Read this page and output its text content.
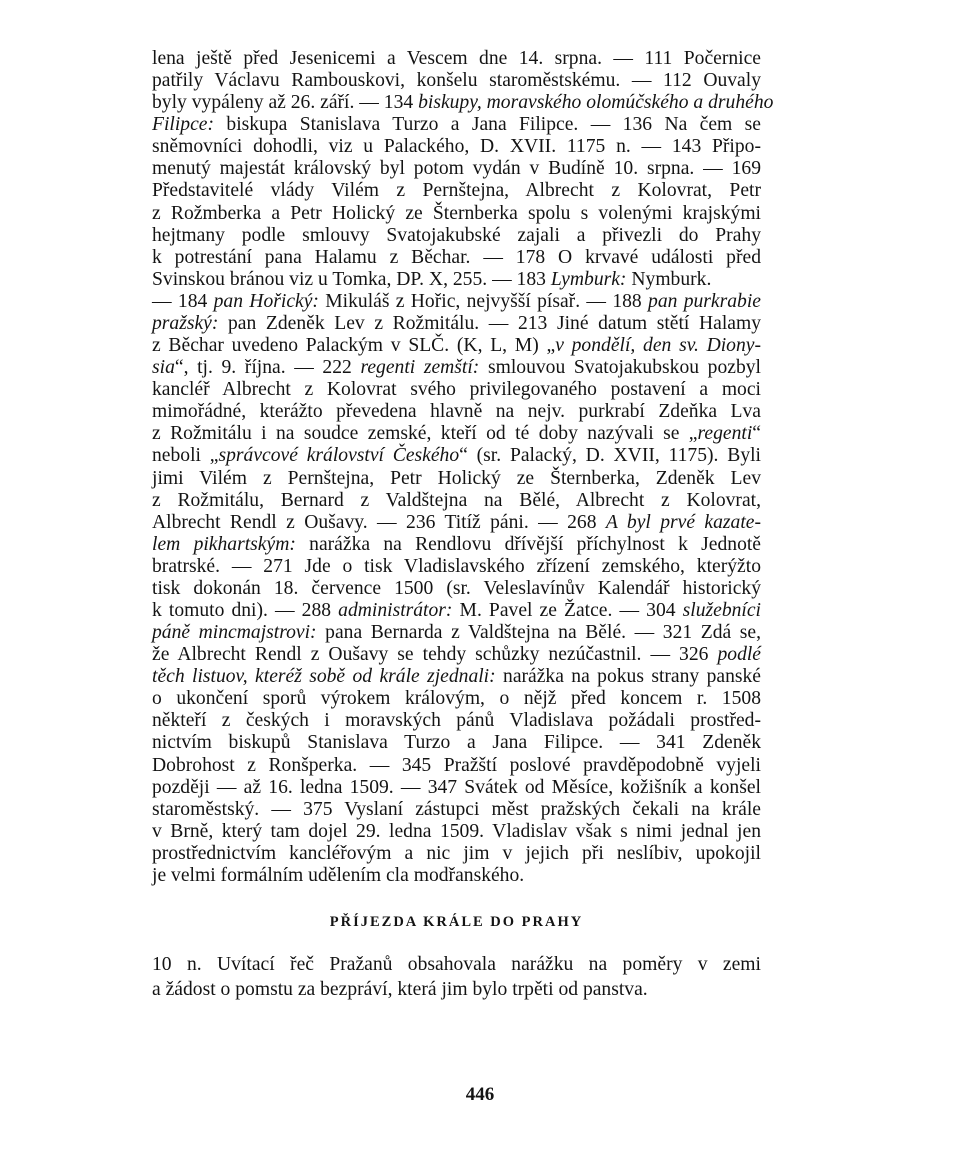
lena ještě před Jesenicemi a Vescem dne 14. srpna. — 111 Počernice

patřily Václavu Rambouskovi, konšelu staroměstskému. — 112 Ouvaly

byly vypáleny až 26. září. — 134 biskupy, moravského olomúčského a druhého

Filipce: biskupa Stanislava Turzo a Jana Filipce. — 136 Na čem se

sněmovníci dohodli, viz u Palackého, D. XVII. 1175 n. — 143 Připo-

menutý majestát královský byl potom vydán v Budíně 10. srpna. — 169

Představitelé vlády Vilém z Pernštejna, Albrecht z Kolovrat, Petr

z Rožmberka a Petr Holický ze Šternberka spolu s volenými krajskými

hejtmany podle smlouvy Svatojakubské zajali a přivezli do Prahy

k potrestání pana Halamu z Běchar. — 178 O krvavé události před

Svinskou bránou viz u Tomka, DP. X, 255. — 183 Lymburk: Nymburk.

— 184 pan Hořický: Mikuláš z Hořic, nejvyšší písař. — 188 pan purkrabie

pražský: pan Zdeněk Lev z Rožmitálu. — 213 Jiné datum stětí Halamy

z Běchar uvedeno Palackým v SLČ. (K, L, M) „v pondělí, den sv. Diony-

sia“, tj. 9. října. — 222 regenti zemští: smlouvou Svatojakubskou pozbyl

kancléř Albrecht z Kolovrat svého privilegovaného postavení a moci

mimořádné, kterážto převedena hlavně na nejv. purkrabí Zdeňka Lva

z Rožmitálu i na soudce zemské, kteří od té doby nazývali se „regenti“

neboli „správcové království Českého“ (sr. Palacký, D. XVII, 1175). Byli

jimi Vilém z Pernštejna, Petr Holický ze Šternberka, Zdeněk Lev

z Rožmitálu, Bernard z Valdštejna na Bělé, Albrecht z Kolovrat,

Albrecht Rendl z Oušavy. — 236 Titíž páni. — 268 A byl prvé kazate-

lem pikhartským: narážka na Rendlovu dřívější příchylnost k Jednotě

bratrské. — 271 Jde o tisk Vladislavského zřízení zemského, kterýžto

tisk dokonán 18. července 1500 (sr. Veleslavínův Kalendář historický

k tomuto dni). — 288 administrátor: M. Pavel ze Žatce. — 304 služebníci

páně mincmajstrovi: pana Bernarda z Valdštejna na Bělé. — 321 Zdá se,

že Albrecht Rendl z Oušavy se tehdy schůzky nezúčastnil. — 326 podlé

těch listuov, kteréž sobě od krále zjednali: narážka na pokus strany panské

o ukončení sporů výrokem královým, o nějž před koncem r. 1508

někteří z českých i moravských pánů Vladislava požádali prostřed-

nictvím biskupů Stanislava Turzo a Jana Filipce. — 341 Zdeněk

Dobrohost z Ronšperka. — 345 Pražští poslové pravděpodobně vyjeli

později — až 16. ledna 1509. — 347 Svátek od Měsíce, kožišník a konšel

staroměstský. — 375 Vyslaní zástupci měst pražských čekali na krále

v Brně, který tam dojel 29. ledna 1509. Vladislav však s nimi jednal jen

prostřednictvím kancléřovým a nic jim v jejich při neslíbiv, upokojil

je velmi formálním udělením cla modřanského.

PŘÍJEZDA KRÁLE DO PRAHY

10 n. Uvítací řeč Pražanů obsahovala narážku na poměry v zemi

a žádost o pomstu za bezpráví, která jim bylo trpěti od panstva.

446
